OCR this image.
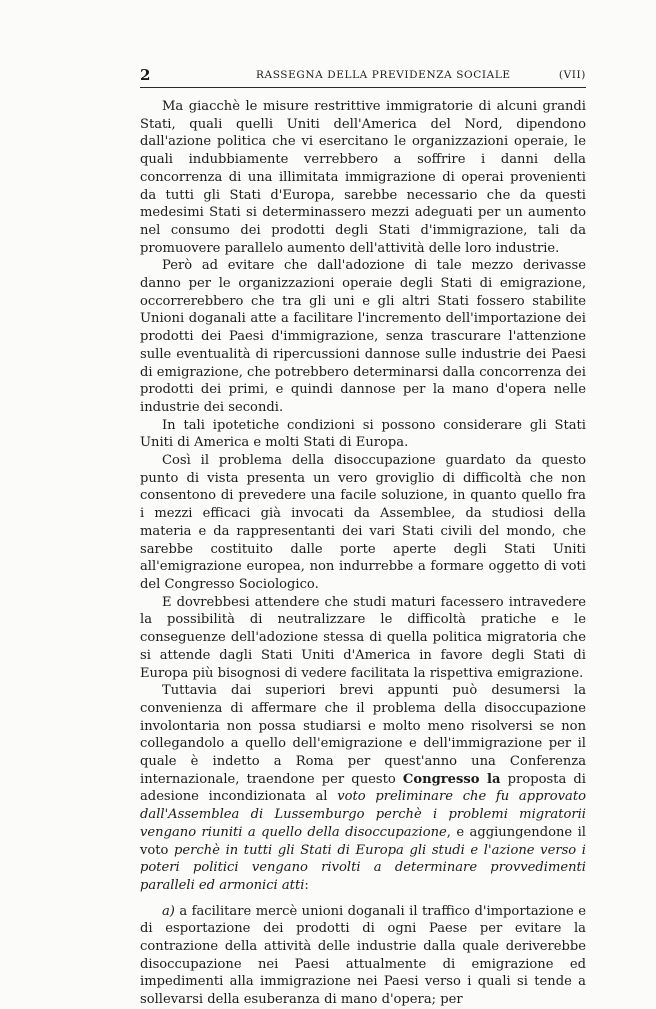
2	RASSEGNA DELLA PREVIDENZA SOCIALE	(VII)

Ma giacchè le misure restrittive immigratorie di alcuni grandi Stati, quali quelli Uniti dell'America del Nord, dipendono dall'azione politica che vi esercitano le organizzazioni operaie, le quali indubbiamente verrebbero a soffrire i danni della concorrenza di una illimitata immigrazione di operai provenienti da tutti gli Stati d'Europa, sarebbe necessario che da questi medesimi Stati si determinassero mezzi adeguati per un aumento nel consumo dei prodotti degli Stati d'immigrazione, tali da promuovere parallelo aumento dell'attività delle loro industrie.

Però ad evitare che dall'adozione di tale mezzo derivasse danno per le organizzazioni operaie degli Stati di emigrazione, occorrerebbero che tra gli uni e gli altri Stati fossero stabilite Unioni doganali atte a facilitare l'incremento dell'importazione dei prodotti dei Paesi d'immigrazione, senza trascurare l'attenzione sulle eventualità di ripercussioni dannose sulle industrie dei Paesi di emigrazione, che potrebbero determinarsi dalla concorrenza dei prodotti dei primi, e quindi dannose per la mano d'opera nelle industrie dei secondi.

In tali ipotetiche condizioni si possono considerare gli Stati Uniti di America e molti Stati di Europa.

Così il problema della disoccupazione guardato da questo punto di vista presenta un vero groviglio di difficoltà che non consentono di prevedere una facile soluzione, in quanto quello fra i mezzi efficaci già invocati da Assemblee, da studiosi della materia e da rappresentanti dei vari Stati civili del mondo, che sarebbe costituito dalle porte aperte degli Stati Uniti all'emigrazione europea, non indurrebbe a formare oggetto di voti del Congresso Sociologico.

E dovrebbesi attendere che studi maturi facessero intravedere la possibilità di neutralizzare le difficoltà pratiche e le conseguenze dell'adozione stessa di quella politica migratoria che si attende dagli Stati Uniti d'America in favore degli Stati di Europa più bisognosi di vedere facilitata la rispettiva emigrazione.

Tuttavia dai superiori brevi appunti può desumersi la convenienza di affermare che il problema della disoccupazione involontaria non possa studiarsi e molto meno risolversi se non collegandolo a quello dell'emigrazione e dell'immigrazione per il quale è indetto a Roma per quest'anno una Conferenza internazionale, traendone per questo Congresso la proposta di adesione incondizionata al voto preliminare che fu approvato dall'Assemblea di Lussemburgo perchè i problemi migratorii vengano riuniti a quello della disoccupazione, e aggiungendone il voto perchè in tutti gli Stati di Europa gli studi e l'azione verso i poteri politici vengano rivolti a determinare provvedimenti paralleli ed armonici atti:

a) a facilitare mercè unioni doganali il traffico d'importazione e di esportazione dei prodotti di ogni Paese per evitare la contrazione della attività delle industrie dalla quale deriverebbe disoccupazione nei Paesi attualmente di emigrazione ed impedimenti alla immigrazione nei Paesi verso i quali si tende a sollevarsi della esuberanza di mano d'opera; per
